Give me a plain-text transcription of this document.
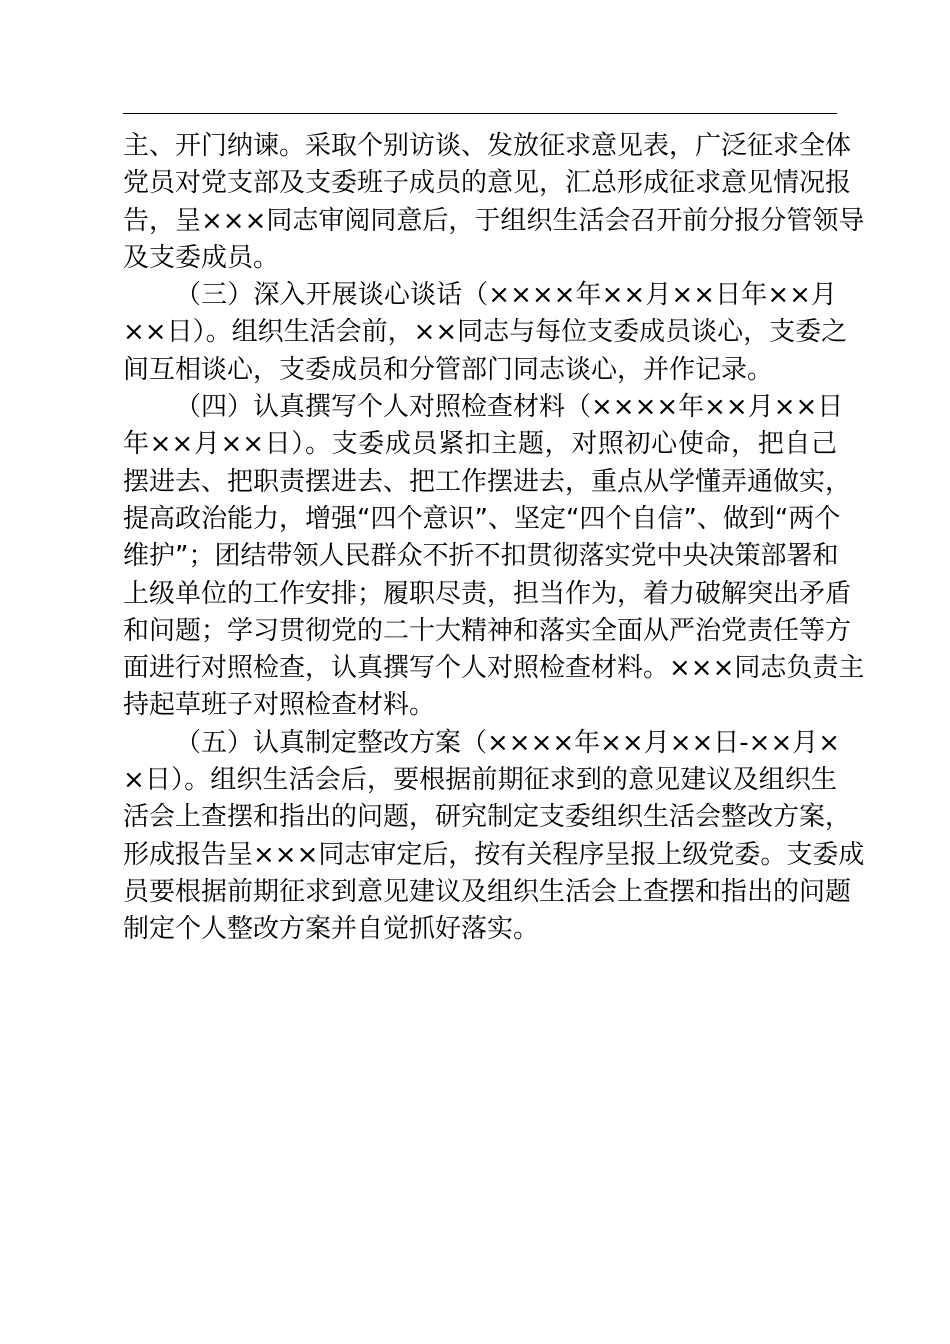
主、开门纳谏。采取个别访谈、发放征求意见表，广泛征求全体
党员对党支部及支委班子成员的意见，汇总形成征求意见情况报
告，呈×××同志审阅同意后，于组织生活会召开前分报分管领导
及支委成员。
（三）深入开展谈心谈话（××××年××月××日年××月
××日）。组织生活会前，××同志与每位支委成员谈心，支委之
间互相谈心，支委成员和分管部门同志谈心，并作记录。
（四）认真撰写个人对照检查材料（××××年××月××日
年××月××日）。支委成员紧扣主题，对照初心使命，把自己
摆进去、把职责摆进去、把工作摆进去，重点从学懂弄通做实，
提高政治能力，增强“四个意识”、坚定“四个自信”、做到“两个
维护”；团结带领人民群众不折不扣贯彻落实党中央决策部署和
上级单位的工作安排；履职尽责，担当作为，着力破解突出矛盾
和问题；学习贯彻党的二十大精神和落实全面从严治党责任等方
面进行对照检查，认真撰写个人对照检查材料。×××同志负责主
持起草班子对照检查材料。
（五）认真制定整改方案（××××年××月××日-××月×
×日）。组织生活会后，要根据前期征求到的意见建议及组织生
活会上查摆和指出的问题，研究制定支委组织生活会整改方案，
形成报告呈×××同志审定后，按有关程序呈报上级党委。支委成
员要根据前期征求到意见建议及组织生活会上查摆和指出的问题
制定个人整改方案并自觉抓好落实。
